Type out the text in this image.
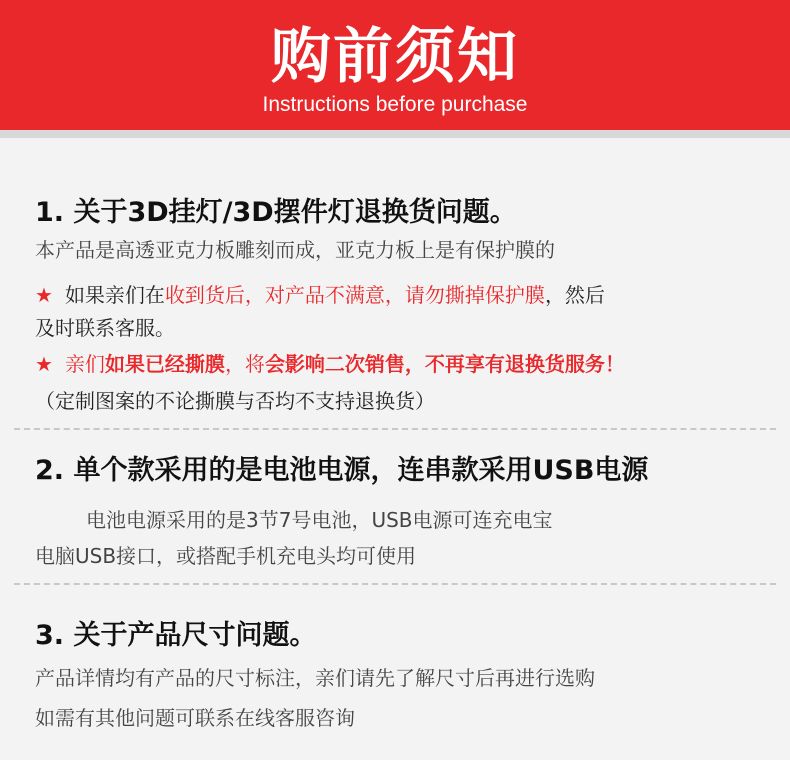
购前须知
Instructions before purchase
1. 关于3D挂灯/3D摆件灯退换货问题。
本产品是高透亚克力板雕刻而成，亚克力板上是有保护膜的
★ 如果亲们在收到货后，对产品不满意，请勿撕掉保护膜，然后
及时联系客服。
★ 亲们如果已经撕膜，将会影响二次销售，不再享有退换货服务！
（定制图案的不论撕膜与否均不支持退换货）
2. 单个款采用的是电池电源，连串款采用USB电源
电池电源采用的是3节7号电池，USB电源可连充电宝
电脑USB接口，或搭配手机充电头均可使用
3. 关于产品尺寸问题。
产品详情均有产品的尺寸标注，亲们请先了解尺寸后再进行选购
如需有其他问题可联系在线客服咨询
